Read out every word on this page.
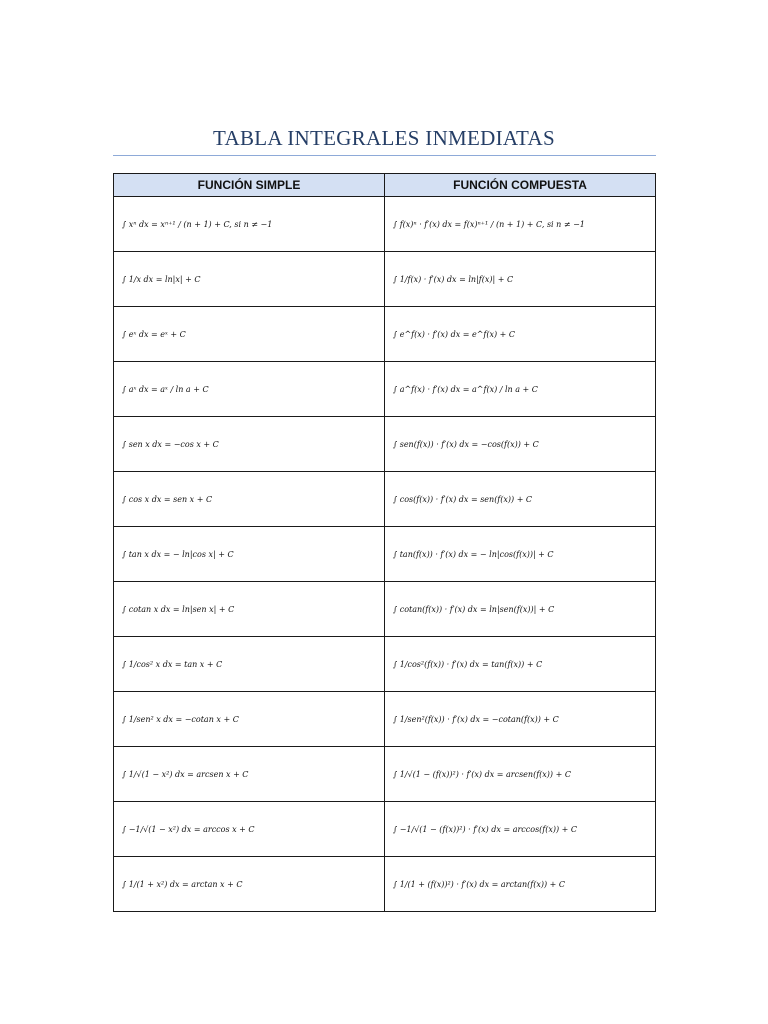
TABLA INTEGRALES INMEDIATAS
FUNCIÓN SIMPLE	FUNCIÓN COMPUESTA

∫ xⁿ dx = xⁿ⁺¹ / (n + 1) + C, si n ≠ −1	∫ f(x)ⁿ · f′(x) dx = f(x)ⁿ⁺¹ / (n + 1) + C, si n ≠ −1

∫ 1/x dx = ln|x| + C	∫ 1/f(x) · f′(x) dx = ln|f(x)| + C

∫ eˣ dx = eˣ + C	∫ e^f(x) · f′(x) dx = e^f(x) + C

∫ aˣ dx = aˣ / ln a + C	∫ a^f(x) · f′(x) dx = a^f(x) / ln a + C

∫ sen x dx = −cos x + C	∫ sen(f(x)) · f′(x) dx = −cos(f(x)) + C

∫ cos x dx = sen x + C	∫ cos(f(x)) · f′(x) dx = sen(f(x)) + C

∫ tan x dx = − ln|cos x| + C	∫ tan(f(x)) · f′(x) dx = − ln|cos(f(x))| + C

∫ cotan x dx = ln|sen x| + C	∫ cotan(f(x)) · f′(x) dx = ln|sen(f(x))| + C

∫ 1/cos² x dx = tan x + C	∫ 1/cos²(f(x)) · f′(x) dx = tan(f(x)) + C

∫ 1/sen² x dx = −cotan x + C	∫ 1/sen²(f(x)) · f′(x) dx = −cotan(f(x)) + C

∫ 1/√(1 − x²) dx = arcsen x + C	∫ 1/√(1 − (f(x))²) · f′(x) dx = arcsen(f(x)) + C

∫ −1/√(1 − x²) dx = arccos x + C	∫ −1/√(1 − (f(x))²) · f′(x) dx = arccos(f(x)) + C

∫ 1/(1 + x²) dx = arctan x + C	∫ 1/(1 + (f(x))²) · f′(x) dx = arctan(f(x)) + C
